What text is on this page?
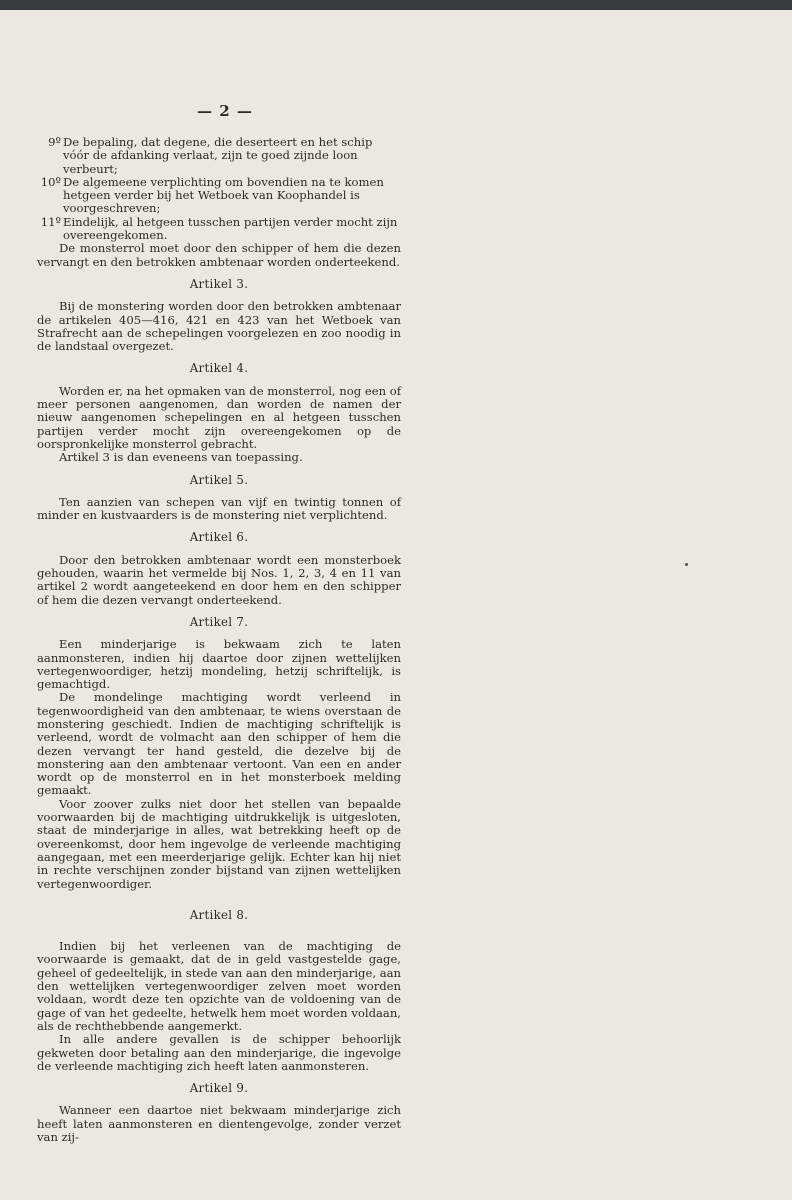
— 2 —
9º De bepaling, dat degene, die deserteert en het schip vóór de afdanking verlaat, zijn te goed zijnde loon verbeurt;
10º De algemeene verplichting om bovendien na te komen hetgeen verder bij het Wetboek van Koophandel is voorgeschreven;
11º Eindelijk, al hetgeen tusschen partijen verder mocht zijn overeengekomen.

De monsterrol moet door den schipper of hem die dezen vervangt en den betrokken ambtenaar worden onderteekend.

Artikel 3.

Bij de monstering worden door den betrokken ambtenaar de artikelen 405—416, 421 en 423 van het Wetboek van Strafrecht aan de schepelingen voorgelezen en zoo noodig in de landstaal overgezet.

Artikel 4.

Worden er, na het opmaken van de monsterrol, nog een of meer personen aangenomen, dan worden de namen der nieuw aangenomen schepelingen en al hetgeen tusschen partijen verder mocht zijn overeengekomen op de oorspronkelijke monsterrol gebracht.

Artikel 3 is dan eveneens van toepassing.

Artikel 5.

Ten aanzien van schepen van vijf en twintig tonnen of minder en kustvaarders is de monstering niet verplichtend.

Artikel 6.

Door den betrokken ambtenaar wordt een monsterboek gehouden, waarin het vermelde bij Nos. 1, 2, 3, 4 en 11 van artikel 2 wordt aangeteekend en door hem en den schipper of hem die dezen vervangt onderteekend.

Artikel 7.

Een minderjarige is bekwaam zich te laten aanmonsteren, indien hij daartoe door zijnen wettelijken vertegenwoordiger, hetzij mondeling, hetzij schriftelijk, is gemachtigd.

De mondelinge machtiging wordt verleend in tegenwoordigheid van den ambtenaar, te wiens overstaan de monstering geschiedt. Indien de machtiging schriftelijk is verleend, wordt de volmacht aan den schipper of hem die dezen vervangt ter hand gesteld, die dezelve bij de monstering aan den ambtenaar vertoont. Van een en ander wordt op de monsterrol en in het monsterboek melding gemaakt.

Voor zoover zulks niet door het stellen van bepaalde voorwaarden bij de machtiging uitdrukkelijk is uitgesloten, staat de minderjarige in alles, wat betrekking heeft op de overeenkomst, door hem ingevolge de verleende machtiging aangegaan, met een meerderjarige gelijk. Echter kan hij niet in rechte verschijnen zonder bijstand van zijnen wettelijken vertegenwoordiger.

Artikel 8.

Indien bij het verleenen van de machtiging de voorwaarde is gemaakt, dat de in geld vastgestelde gage, geheel of gedeeltelijk, in stede van aan den minderjarige, aan den wettelijken vertegenwoordiger zelven moet worden voldaan, wordt deze ten opzichte van de voldoening van de gage of van het gedeelte, hetwelk hem moet worden voldaan, als de rechthebbende aangemerkt.

In alle andere gevallen is de schipper behoorlijk gekweten door betaling aan den minderjarige, die ingevolge de verleende machtiging zich heeft laten aanmonsteren.

Artikel 9.

Wanneer een daartoe niet bekwaam minderjarige zich heeft laten aanmonsteren en dientengevolge, zonder verzet van zij-
